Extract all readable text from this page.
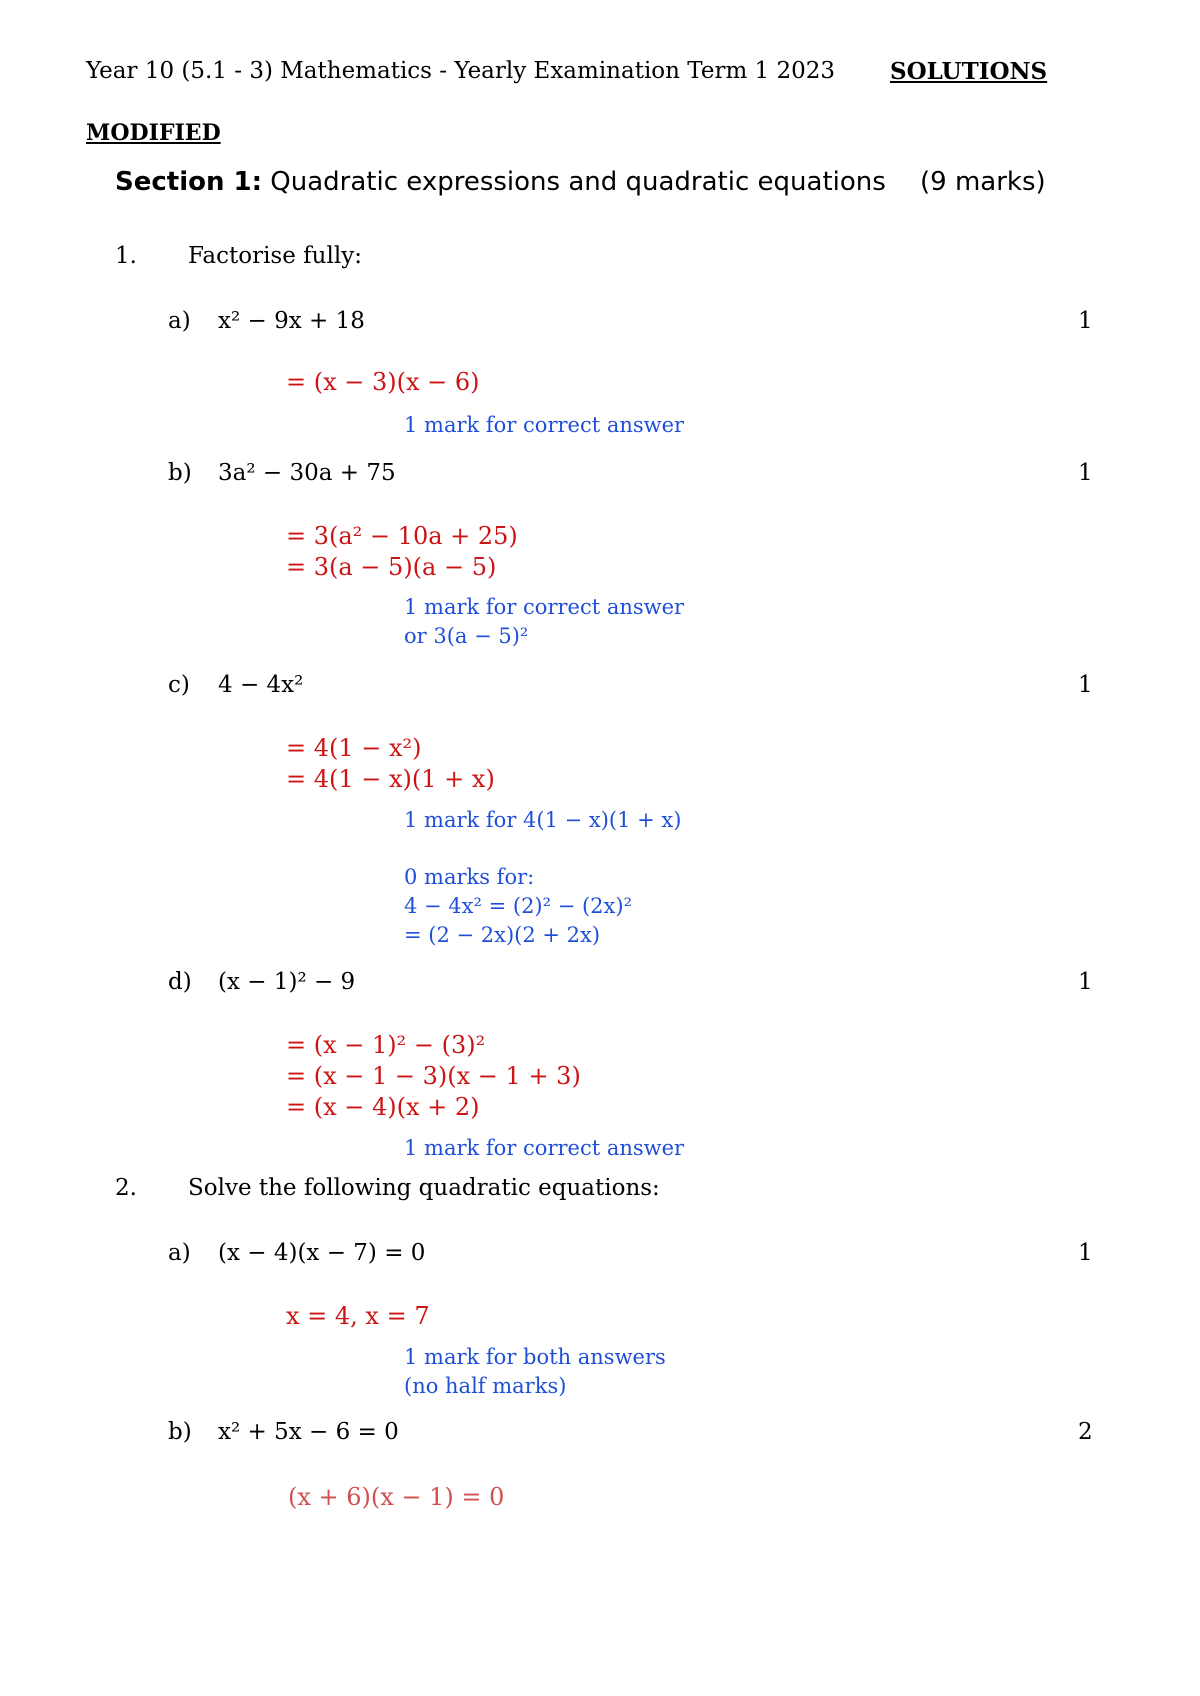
Year 10 (5.1 - 3) Mathematics - Yearly Examination Term 1 2023 SOLUTIONS
MODIFIED
Section 1: Quadratic expressions and quadratic equations (9 marks)
1. Factorise fully:
a) x² − 9x + 18	1
= (x − 3)(x − 6)
1 mark for correct answer
b) 3a² − 30a + 75	1
= 3(a² − 10a + 25)
= 3(a − 5)(a − 5)
1 mark for correct answer
or 3(a − 5)²
c) 4 − 4x²	1
= 4(1 − x²)
= 4(1 − x)(1 + x)
1 mark for 4(1 − x)(1 + x)
0 marks for:
4 − 4x² = (2)² − (2x)²
= (2 − 2x)(2 + 2x)
d) (x − 1)² − 9	1
= (x − 1)² − (3)²
= (x − 1 − 3)(x − 1 + 3)
= (x − 4)(x + 2)
1 mark for correct answer
2. Solve the following quadratic equations:
a) (x − 4)(x − 7) = 0	1
x = 4, x = 7
1 mark for both answers
(no half marks)
b) x² + 5x − 6 = 0	2
(x + 6)(x − 1) = 0
